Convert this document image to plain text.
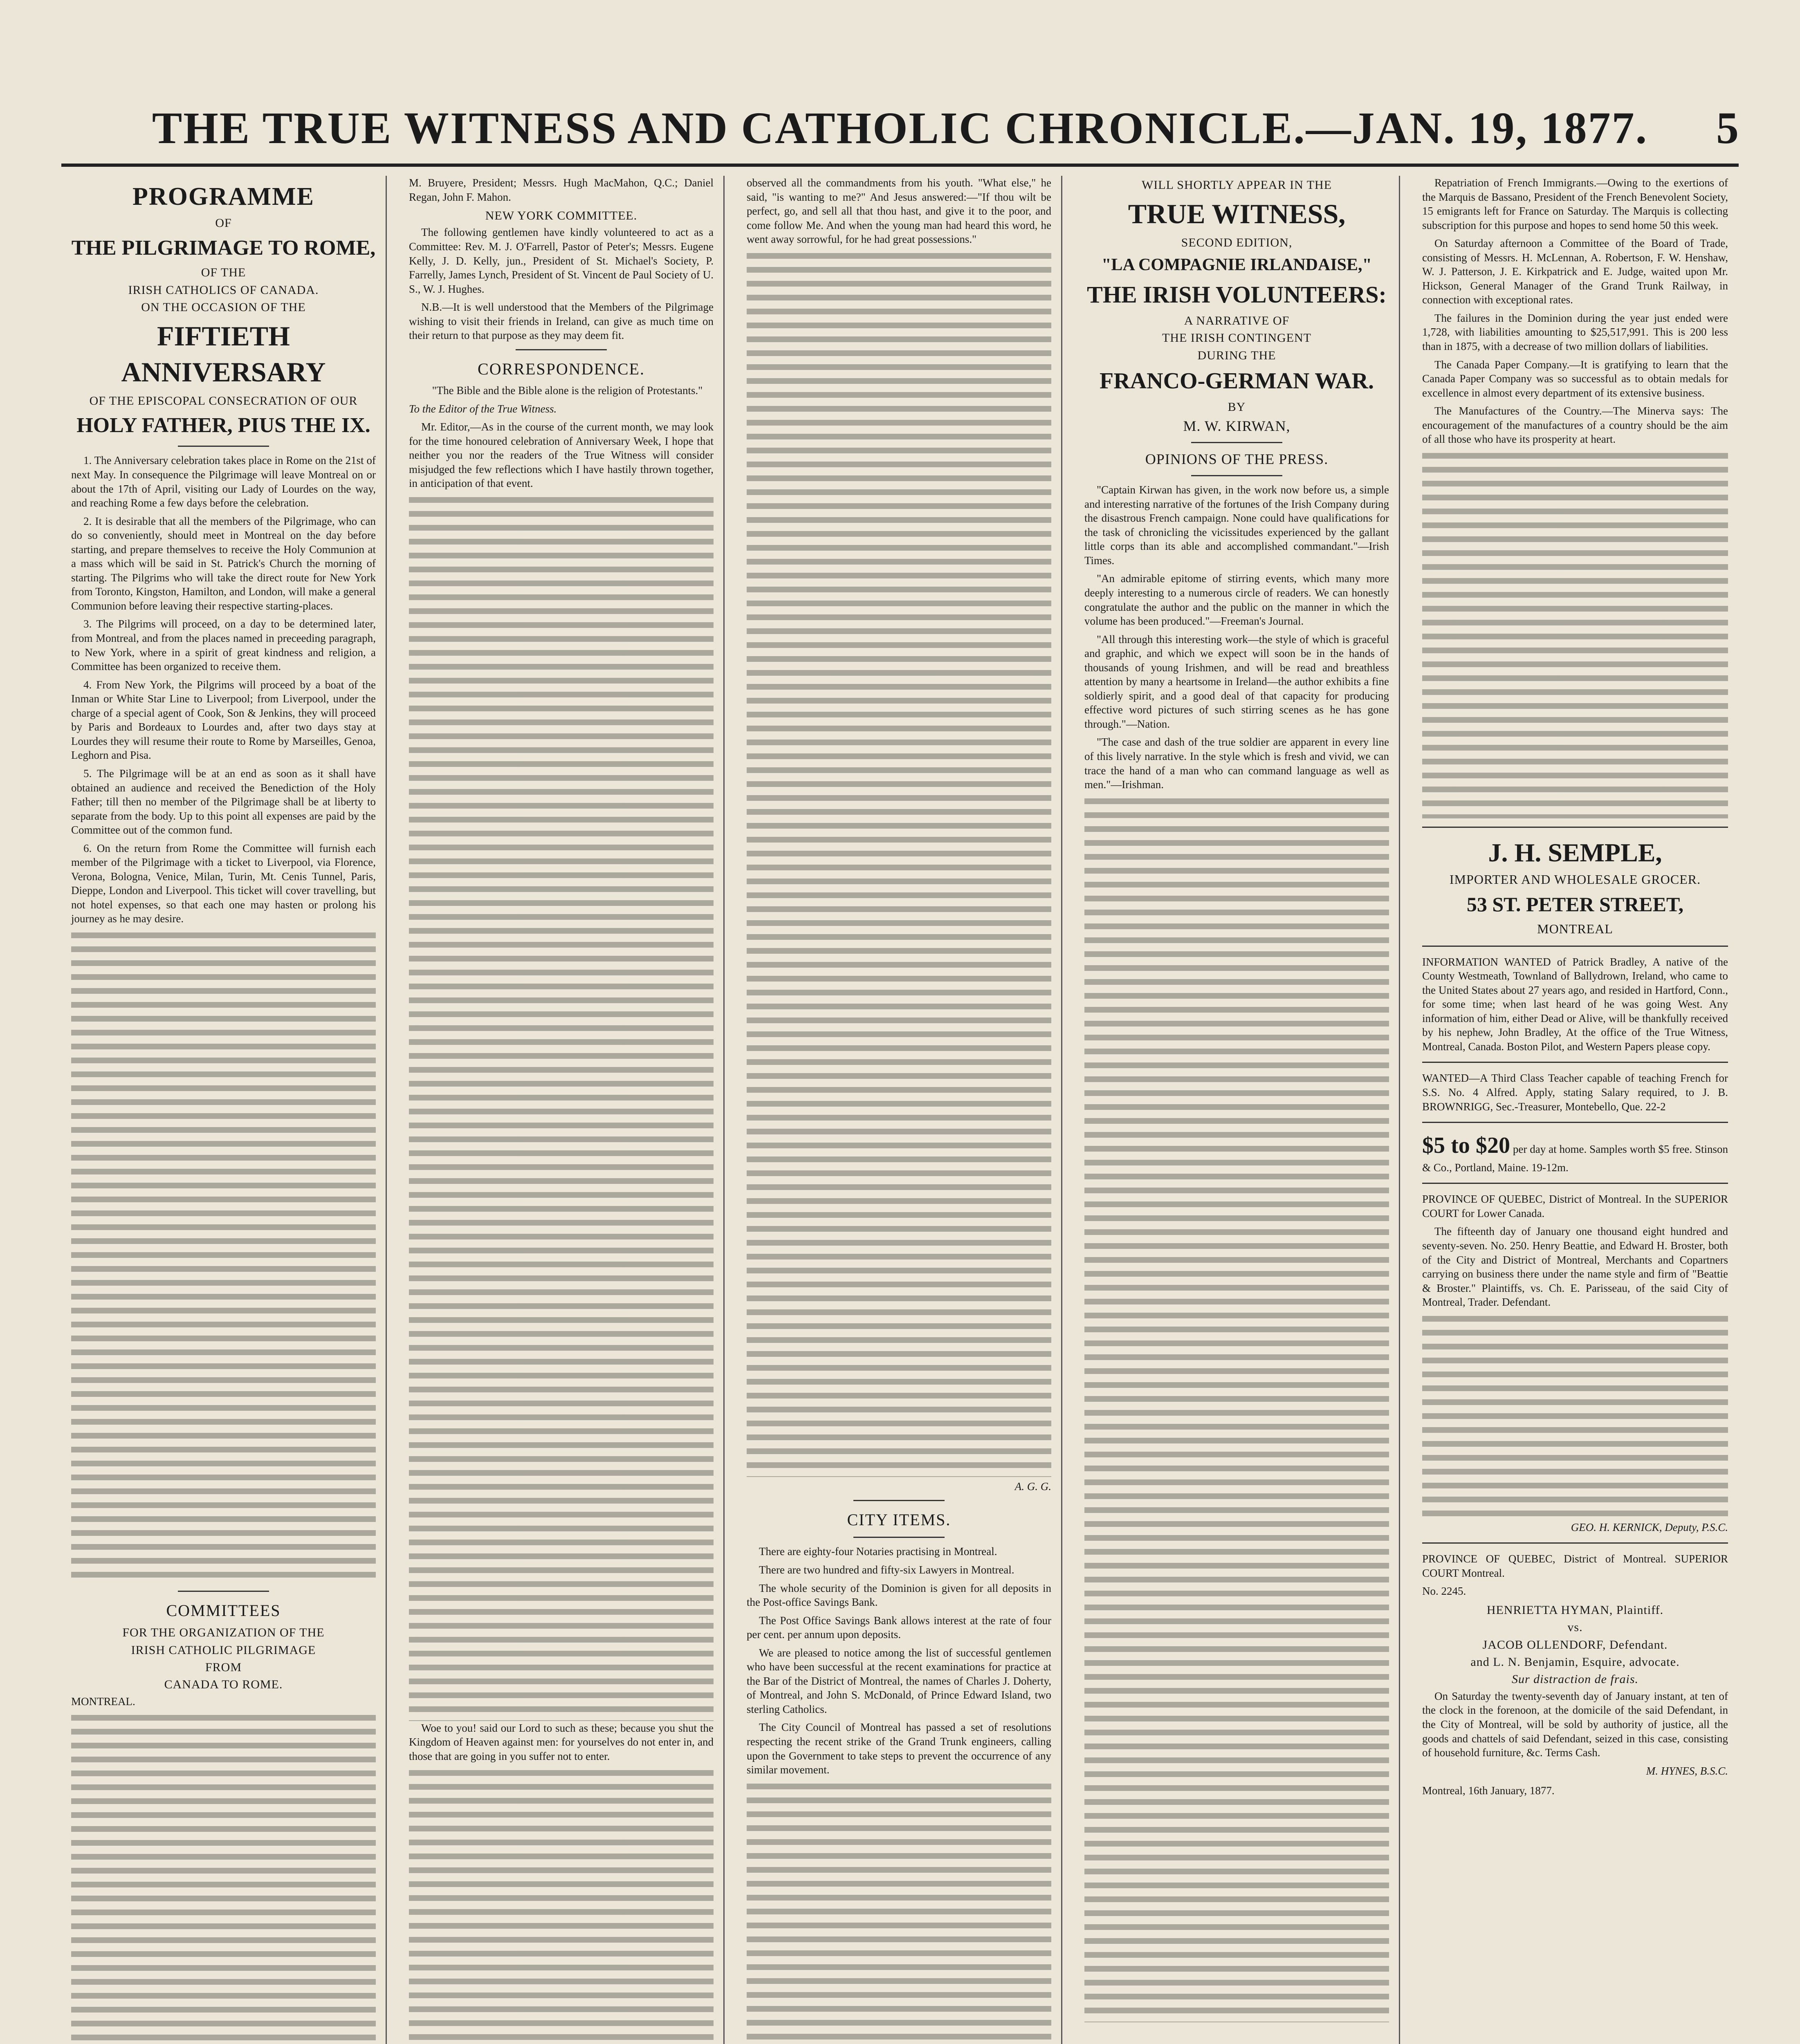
THE TRUE WITNESS AND CATHOLIC CHRONICLE.—JAN. 19, 1877.	5
PROGRAMME
OF
THE PILGRIMAGE TO ROME,
OF THE
IRISH CATHOLICS OF CANADA.
ON THE OCCASION OF THE
FIFTIETH ANNIVERSARY
OF THE EPISCOPAL CONSECRATION OF OUR
HOLY FATHER, PIUS THE IX.

1. The Anniversary celebration takes place in Rome on the 21st of next May. In consequence the Pilgrimage will leave Montreal on or about the 17th of April, visiting our Lady of Lourdes on the way, and reaching Rome a few days before the celebration.

2. It is desirable that all the members of the Pilgrimage, who can do so conveniently, should meet in Montreal on the day before starting, and prepare themselves to receive the Holy Communion at a mass which will be said in St. Patrick's Church the morning of starting. The Pilgrims who will take the direct route for New York from Toronto, Kingston, Hamilton, and London, will make a general Communion before leaving their respective starting-places.

3. The Pilgrims will proceed, on a day to be determined later, from Montreal, and from the places named in preceeding paragraph, to New York, where in a spirit of great kindness and religion, a Committee has been organized to receive them.

4. From New York, the Pilgrims will proceed by a boat of the Inman or White Star Line to Liverpool; from Liverpool, under the charge of a special agent of Cook, Son & Jenkins, they will proceed by Paris and Bordeaux to Lourdes and, after two days stay at Lourdes they will resume their route to Rome by Marseilles, Genoa, Leghorn and Pisa.

5. The Pilgrimage will be at an end as soon as it shall have obtained an audience and received the Benediction of the Holy Father; till then no member of the Pilgrimage shall be at liberty to separate from the body. Up to this point all expenses are paid by the Committee out of the common fund.

6. On the return from Rome the Committee will furnish each member of the Pilgrimage with a ticket to Liverpool, via Florence, Verona, Bologna, Venice, Milan, Turin, Mt. Cenis Tunnel, Paris, Dieppe, London and Liverpool. This ticket will cover travelling, but not hotel expenses, so that each one may hasten or prolong his journey as he may desire.

COMMITTEES
FOR THE ORGANIZATION OF THE
IRISH CATHOLIC PILGRIMAGE
FROM
CANADA TO ROME.

MONTREAL.

M. Bruyere, President; Messrs. Hugh MacMahon, Q.C.; Daniel Regan, John F. Mahon.

NEW YORK COMMITTEE.

The following gentlemen have kindly volunteered to act as a Committee: Rev. M. J. O'Farrell, Pastor of Peter's; Messrs. Eugene Kelly, J. D. Kelly, jun., President of St. Michael's Society, P. Farrelly, James Lynch, President of St. Vincent de Paul Society of U. S., W. J. Hughes.

N.B.—It is well understood that the Members of the Pilgrimage wishing to visit their friends in Ireland, can give as much time on their return to that purpose as they may deem fit.

CORRESPONDENCE.

"The Bible and the Bible alone is the religion of Protestants."

To the Editor of the True Witness.

Mr. Editor,—As in the course of the current month, we may look for the time honoured celebration of Anniversary Week, I hope that neither you nor the readers of the True Witness will consider misjudged the few reflections which I have hastily thrown together, in anticipation of that event.

Woe to you! said our Lord to such as these; because you shut the Kingdom of Heaven against men: for yourselves do not enter in, and those that are going in you suffer not to enter.

observed all the commandments from his youth. "What else," he said, "is wanting to me?" And Jesus answered:—"If thou wilt be perfect, go, and sell all that thou hast, and give it to the poor, and come follow Me. And when the young man had heard this word, he went away sorrowful, for he had great possessions."

A. G. G.
CITY ITEMS.

There are eighty-four Notaries practising in Montreal.

There are two hundred and fifty-six Lawyers in Montreal.

The whole security of the Dominion is given for all deposits in the Post-office Savings Bank.

The Post Office Savings Bank allows interest at the rate of four per cent. per annum upon deposits.

We are pleased to notice among the list of successful gentlemen who have been successful at the recent examinations for practice at the Bar of the District of Montreal, the names of Charles J. Doherty, of Montreal, and John S. McDonald, of Prince Edward Island, two sterling Catholics.

The City Council of Montreal has passed a set of resolutions respecting the recent strike of the Grand Trunk engineers, calling upon the Government to take steps to prevent the occurrence of any similar movement.

WILL SHORTLY APPEAR IN THE
TRUE WITNESS,
SECOND EDITION,
"LA COMPAGNIE IRLANDAISE,"
THE IRISH VOLUNTEERS:
A NARRATIVE OF
THE IRISH CONTINGENT
DURING THE
FRANCO-GERMAN WAR.
BY
M. W. KIRWAN,
OPINIONS OF THE PRESS.

"Captain Kirwan has given, in the work now before us, a simple and interesting narrative of the fortunes of the Irish Company during the disastrous French campaign. None could have qualifications for the task of chronicling the vicissitudes experienced by the gallant little corps than its able and accomplished commandant."—Irish Times.

"An admirable epitome of stirring events, which many more deeply interesting to a numerous circle of readers. We can honestly congratulate the author and the public on the manner in which the volume has been produced."—Freeman's Journal.

"All through this interesting work—the style of which is graceful and graphic, and which we expect will soon be in the hands of thousands of young Irishmen, and will be read and breathless attention by many a heartsome in Ireland—the author exhibits a fine soldierly spirit, and a good deal of that capacity for producing effective word pictures of such stirring scenes as he has gone through."—Nation.

"The case and dash of the true soldier are apparent in every line of this lively narrative. In the style which is fresh and vivid, we can trace the hand of a man who can command language as well as men."—Irishman.

Repatriation of French Immigrants.—Owing to the exertions of the Marquis de Bassano, President of the French Benevolent Society, 15 emigrants left for France on Saturday. The Marquis is collecting subscription for this purpose and hopes to send home 50 this week.

On Saturday afternoon a Committee of the Board of Trade, consisting of Messrs. H. McLennan, A. Robertson, F. W. Henshaw, W. J. Patterson, J. E. Kirkpatrick and E. Judge, waited upon Mr. Hickson, General Manager of the Grand Trunk Railway, in connection with exceptional rates.

The failures in the Dominion during the year just ended were 1,728, with liabilities amounting to $25,517,991. This is 200 less than in 1875, with a decrease of two million dollars of liabilities.

The Canada Paper Company.—It is gratifying to learn that the Canada Paper Company was so successful as to obtain medals for excellence in almost every department of its extensive business.

The Manufactures of the Country.—The Minerva says: The encouragement of the manufactures of a country should be the aim of all those who have its prosperity at heart.

J. H. SEMPLE,
IMPORTER AND WHOLESALE GROCER.
53 ST. PETER STREET,
MONTREAL

INFORMATION WANTED of Patrick Bradley, A native of the County Westmeath, Townland of Ballydrown, Ireland, who came to the United States about 27 years ago, and resided in Hartford, Conn., for some time; when last heard of he was going West. Any information of him, either Dead or Alive, will be thankfully received by his nephew, John Bradley, At the office of the True Witness, Montreal, Canada. Boston Pilot, and Western Papers please copy.

WANTED—A Third Class Teacher capable of teaching French for S.S. No. 4 Alfred. Apply, stating Salary required, to J. B. BROWNRIGG, Sec.-Treasurer, Montebello, Que. 22-2

$5 to $20 per day at home. Samples worth $5 free. Stinson & Co., Portland, Maine. 19-12m.

PROVINCE OF QUEBEC, District of Montreal. In the SUPERIOR COURT for Lower Canada.

The fifteenth day of January one thousand eight hundred and seventy-seven. No. 250. Henry Beattie, and Edward H. Broster, both of the City and District of Montreal, Merchants and Copartners carrying on business there under the name style and firm of "Beattie & Broster." Plaintiffs, vs. Ch. E. Parisseau, of the said City of Montreal, Trader. Defendant.

GEO. H. KERNICK, Deputy, P.S.C.

PROVINCE OF QUEBEC, District of Montreal. SUPERIOR COURT Montreal.

No. 2245.

HENRIETTA HYMAN, Plaintiff.
vs.
JACOB OLLENDORF, Defendant.
and L. N. Benjamin, Esquire, advocate.
Sur distraction de frais.

On Saturday the twenty-seventh day of January instant, at ten of the clock in the forenoon, at the domicile of the said Defendant, in the City of Montreal, will be sold by authority of justice, all the goods and chattels of said Defendant, seized in this case, consisting of household furniture, &c. Terms Cash.

M. HYNES, B.S.C.

Montreal, 16th January, 1877.
